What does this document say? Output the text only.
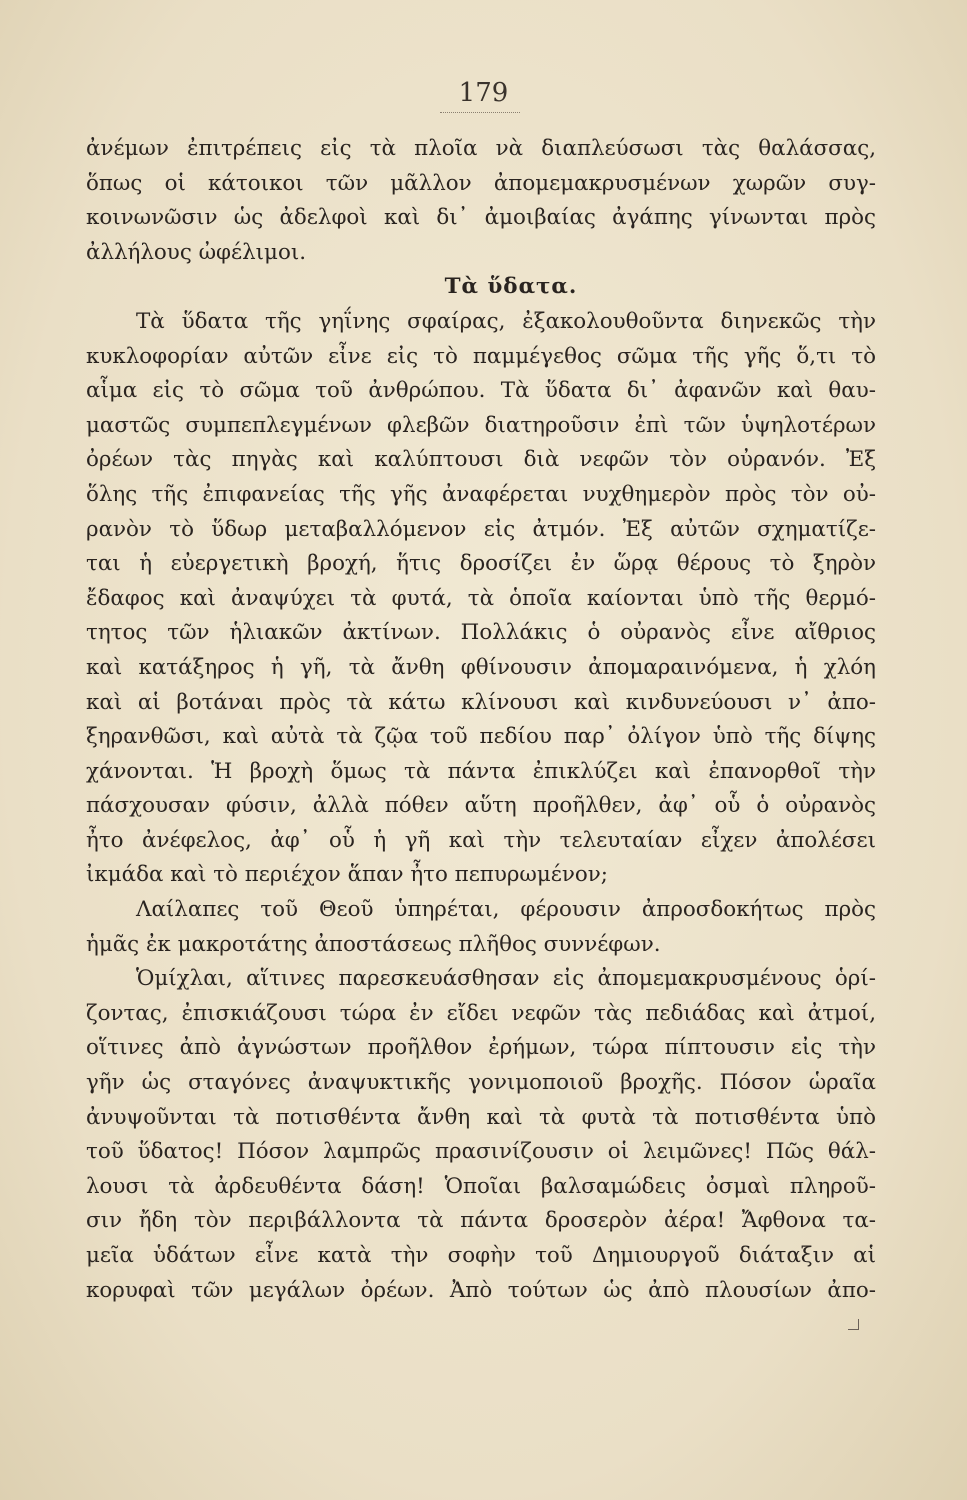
179
ἀνέμων ἐπιτρέπεις εἰς τὰ πλοῖα νὰ διαπλεύσωσι τὰς θαλάσσας,
ὅπως οἱ κάτοικοι τῶν μᾶλλον ἀπομεμακρυσμένων χωρῶν συγ-
κοινωνῶσιν ὡς ἀδελφοὶ καὶ δι᾽ ἀμοιβαίας ἀγάπης γίνωνται πρὸς
ἀλλήλους ὠφέλιμοι.
Τὰ ὕδατα.
Τὰ ὕδατα τῆς γηΐνης σφαίρας, ἐξακολουθοῦντα διηνεκῶς τὴν
κυκλοφορίαν αὐτῶν εἶνε εἰς τὸ παμμέγεθος σῶμα τῆς γῆς ὅ,τι τὸ
αἷμα εἰς τὸ σῶμα τοῦ ἀνθρώπου. Τὰ ὕδατα δι᾽ ἀφανῶν καὶ θαυ-
μαστῶς συμπεπλεγμένων φλεβῶν διατηροῦσιν ἐπὶ τῶν ὑψηλοτέρων
ὀρέων τὰς πηγὰς καὶ καλύπτουσι διὰ νεφῶν τὸν οὐρανόν. Ἐξ
ὅλης τῆς ἐπιφανείας τῆς γῆς ἀναφέρεται νυχθημερὸν πρὸς τὸν οὐ-
ρανὸν τὸ ὕδωρ μεταβαλλόμενον εἰς ἀτμόν. Ἐξ αὐτῶν σχηματίζε-
ται ἡ εὐεργετικὴ βροχή, ἥτις δροσίζει ἐν ὥρᾳ θέρους τὸ ξηρὸν
ἔδαφος καὶ ἀναψύχει τὰ φυτά, τὰ ὁποῖα καίονται ὑπὸ τῆς θερμό-
τητος τῶν ἡλιακῶν ἀκτίνων. Πολλάκις ὁ οὐρανὸς εἶνε αἴθριος
καὶ κατάξηρος ἡ γῆ, τὰ ἄνθη φθίνουσιν ἀπομαραινόμενα, ἡ χλόη
καὶ αἱ βοτάναι πρὸς τὰ κάτω κλίνουσι καὶ κινδυνεύουσι ν᾽ ἀπο-
ξηρανθῶσι, καὶ αὐτὰ τὰ ζῷα τοῦ πεδίου παρ᾽ ὀλίγον ὑπὸ τῆς δίψης
χάνονται. Ἡ βροχὴ ὅμως τὰ πάντα ἐπικλύζει καὶ ἐπανορθοῖ τὴν
πάσχουσαν φύσιν, ἀλλὰ πόθεν αὕτη προῆλθεν, ἀφ᾽ οὗ ὁ οὐρανὸς
ἦτο ἀνέφελος, ἀφ᾽ οὗ ἡ γῆ καὶ τὴν τελευταίαν εἶχεν ἀπολέσει
ἰκμάδα καὶ τὸ περιέχον ἅπαν ἦτο πεπυρωμένον;
Λαίλαπες τοῦ Θεοῦ ὑπηρέται, φέρουσιν ἀπροσδοκήτως πρὸς
ἡμᾶς ἐκ μακροτάτης ἀποστάσεως πλῆθος συννέφων.
Ὁμίχλαι, αἵτινες παρεσκευάσθησαν εἰς ἀπομεμακρυσμένους ὁρί-
ζοντας, ἐπισκιάζουσι τώρα ἐν εἴδει νεφῶν τὰς πεδιάδας καὶ ἀτμοί,
οἵτινες ἀπὸ ἀγνώστων προῆλθον ἐρήμων, τώρα πίπτουσιν εἰς τὴν
γῆν ὡς σταγόνες ἀναψυκτικῆς γονιμοποιοῦ βροχῆς. Πόσον ὡραῖα
ἀνυψοῦνται τὰ ποτισθέντα ἄνθη καὶ τὰ φυτὰ τὰ ποτισθέντα ὑπὸ
τοῦ ὕδατος! Πόσον λαμπρῶς πρασινίζουσιν οἱ λειμῶνες! Πῶς θάλ-
λουσι τὰ ἀρδευθέντα δάση! Ὁποῖαι βαλσαμώδεις ὀσμαὶ πληροῦ-
σιν ἤδη τὸν περιβάλλοντα τὰ πάντα δροσερὸν ἀέρα! Ἄφθονα τα-
μεῖα ὑδάτων εἶνε κατὰ τὴν σοφὴν τοῦ Δημιουργοῦ διάταξιν αἱ
κορυφαὶ τῶν μεγάλων ὀρέων. Ἀπὸ τούτων ὡς ἀπὸ πλουσίων ἀπο-
